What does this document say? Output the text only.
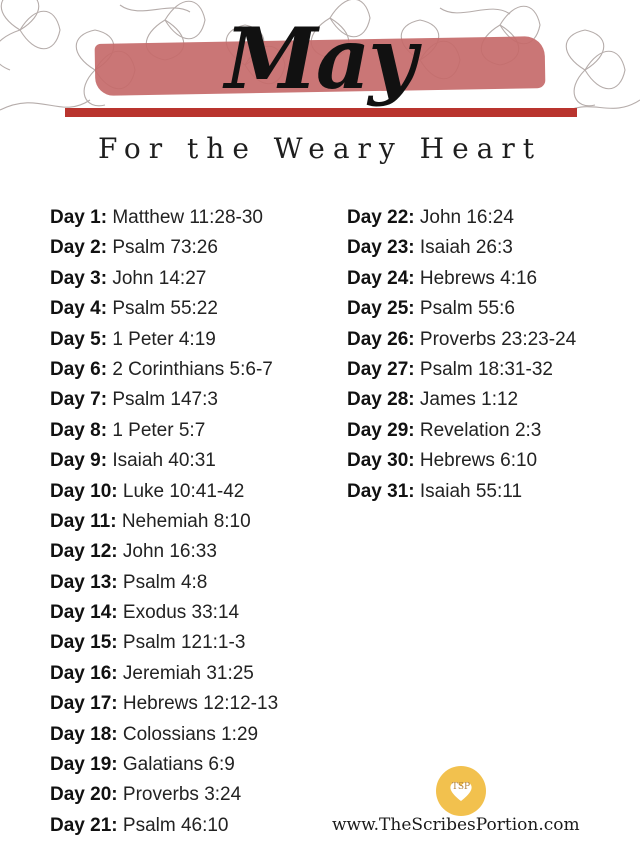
May
For the Weary Heart
Day 1: Matthew 11:28-30
Day 2: Psalm 73:26
Day 3: John 14:27
Day 4: Psalm 55:22
Day 5: 1 Peter 4:19
Day 6: 2 Corinthians 5:6-7
Day 7: Psalm 147:3
Day 8: 1 Peter 5:7
Day 9: Isaiah 40:31
Day 10: Luke 10:41-42
Day 11: Nehemiah 8:10
Day 12: John 16:33
Day 13: Psalm 4:8
Day 14: Exodus 33:14
Day 15: Psalm 121:1-3
Day 16: Jeremiah 31:25
Day 17: Hebrews 12:12-13
Day 18: Colossians 1:29
Day 19: Galatians 6:9
Day 20: Proverbs 3:24
Day 21: Psalm 46:10
Day 22: John 16:24
Day 23: Isaiah 26:3
Day 24: Hebrews 4:16
Day 25: Psalm 55:6
Day 26: Proverbs 23:23-24
Day 27: Psalm 18:31-32
Day 28: James 1:12
Day 29: Revelation 2:3
Day 30: Hebrews 6:10
Day 31: Isaiah 55:11
TSP
www.TheScribesPortion.com
